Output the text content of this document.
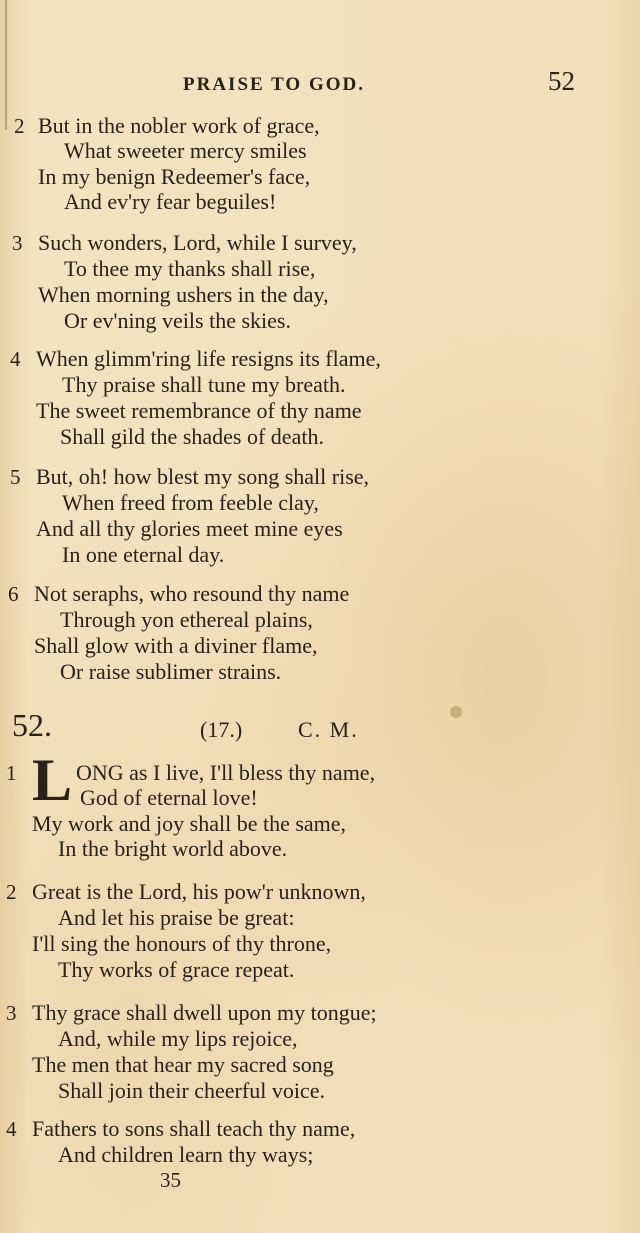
PRAISE TO GOD.	52
2 But in the nobler work of grace,
What sweeter mercy smiles
In my benign Redeemer's face,
And ev'ry fear beguiles!
3 Such wonders, Lord, while I survey,
To thee my thanks shall rise,
When morning ushers in the day,
Or ev'ning veils the skies.
4 When glimm'ring life resigns its flame,
Thy praise shall tune my breath.
The sweet remembrance of thy name
Shall gild the shades of death.
5 But, oh! how blest my song shall rise,
When freed from feeble clay,
And all thy glories meet mine eyes
In one eternal day.
6 Not seraphs, who resound thy name
Through yon ethereal plains,
Shall glow with a diviner flame,
Or raise sublimer strains.
52.	(17.)	C. M.
L
1	ONG as I live, I'll bless thy name,
God of eternal love!
My work and joy shall be the same,
In the bright world above.
2 Great is the Lord, his pow'r unknown,
And let his praise be great:
I'll sing the honours of thy throne,
Thy works of grace repeat.
3 Thy grace shall dwell upon my tongue;
And, while my lips rejoice,
The men that hear my sacred song
Shall join their cheerful voice.
4 Fathers to sons shall teach thy name,
And children learn thy ways;
35
